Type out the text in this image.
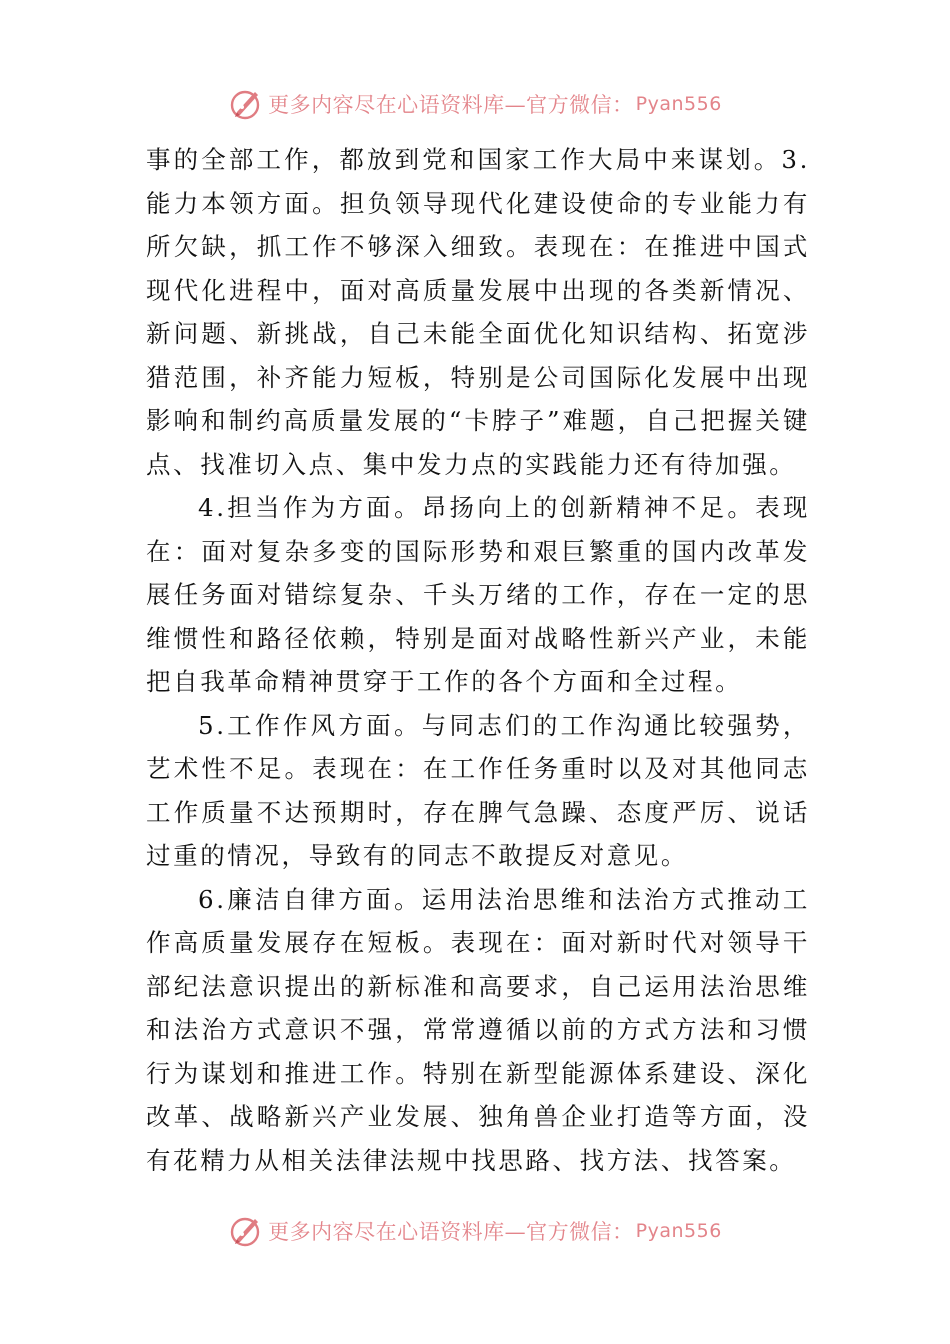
更多内容尽在心语资料库—官方微信： Pyan556

事的全部工作，都放到党和国家工作大局中来谋划。3.能力本领方面。担负领导现代化建设使命的专业能力有所欠缺，抓工作不够深入细致。表现在：在推进中国式现代化进程中，面对高质量发展中出现的各类新情况、新问题、新挑战，自己未能全面优化知识结构、拓宽涉猎范围，补齐能力短板，特别是公司国际化发展中出现影响和制约高质量发展的“卡脖子”难题，自己把握关键点、找准切入点、集中发力点的实践能力还有待加强。

4.担当作为方面。昂扬向上的创新精神不足。表现在：面对复杂多变的国际形势和艰巨繁重的国内改革发展任务面对错综复杂、千头万绪的工作，存在一定的思维惯性和路径依赖，特别是面对战略性新兴产业，未能把自我革命精神贯穿于工作的各个方面和全过程。

5.工作作风方面。与同志们的工作沟通比较强势，艺术性不足。表现在：在工作任务重时以及对其他同志工作质量不达预期时，存在脾气急躁、态度严厉、说话过重的情况，导致有的同志不敢提反对意见。

6.廉洁自律方面。运用法治思维和法治方式推动工作高质量发展存在短板。表现在：面对新时代对领导干部纪法意识提出的新标准和高要求，自己运用法治思维和法治方式意识不强，常常遵循以前的方式方法和习惯行为谋划和推进工作。特别在新型能源体系建设、深化改革、战略新兴产业发展、独角兽企业打造等方面，没有花精力从相关法律法规中找思路、找方法、找答案。

更多内容尽在心语资料库—官方微信： Pyan556
